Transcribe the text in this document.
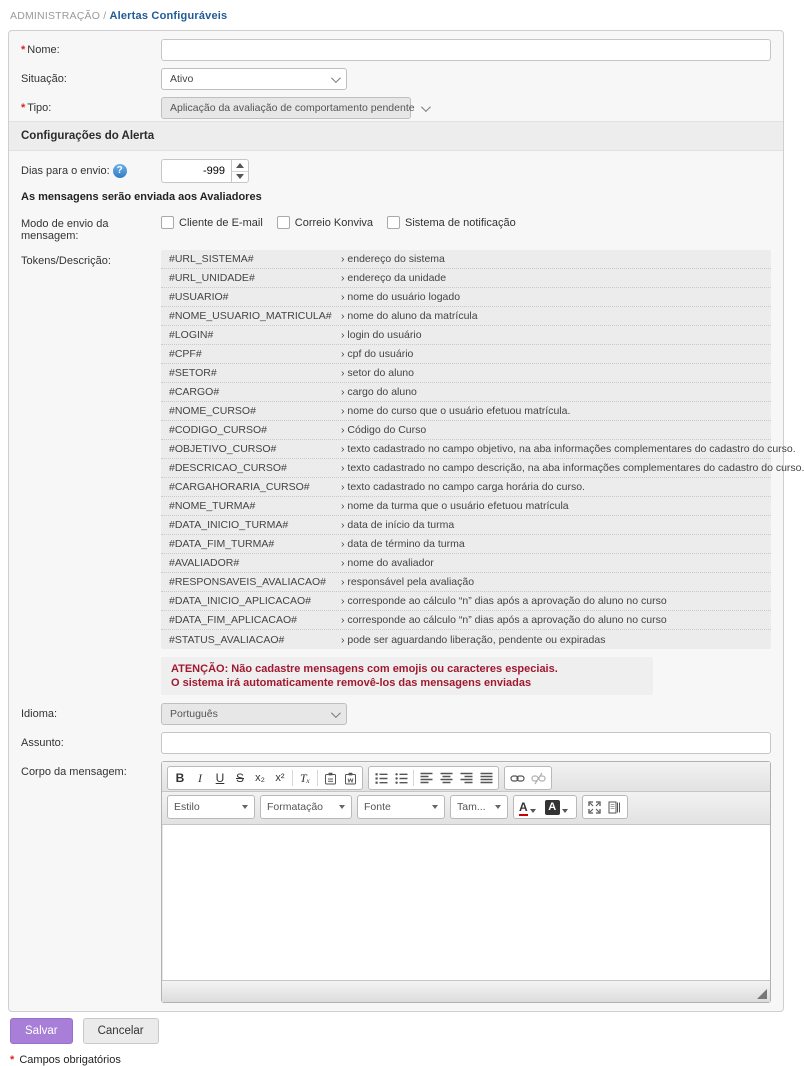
ADMINISTRAÇÃO / Alertas Configuráveis
* Nome:
Situação:	Ativo
* Tipo:	Aplicação da avaliação de comportamento pendente
Configurações do Alerta
Dias para o envio: ?
-999
As mensagens serão enviada aos Avaliadores
Modo de envio da mensagem:
Cliente de E-mail	Correio Konviva	Sistema de notificação
Tokens/Descrição:	#URL_SISTEMA#	› endereço do sistema
#URL_UNIDADE#	› endereço da unidade
#USUARIO#	› nome do usuário logado
#NOME_USUARIO_MATRICULA# › nome do aluno da matrícula
#LOGIN#	› login do usuário
#CPF#	› cpf do usuário
#SETOR#	› setor do aluno
#CARGO#	› cargo do aluno
#NOME_CURSO#	› nome do curso que o usuário efetuou matrícula.
#CODIGO_CURSO#	› Código do Curso
#OBJETIVO_CURSO#	› texto cadastrado no campo objetivo, na aba informações complementares do cadastro do curso.
#DESCRICAO_CURSO#	› texto cadastrado no campo descrição, na aba informações complementares do cadastro do curso.
#CARGAHORARIA_CURSO#	› texto cadastrado no campo carga horária do curso.
#NOME_TURMA#	› nome da turma que o usuário efetuou matrícula
#DATA_INICIO_TURMA#	› data de início da turma
#DATA_FIM_TURMA#	› data de término da turma
#AVALIADOR#	› nome do avaliador
#RESPONSAVEIS_AVALIACAO#	› responsável pela avaliação
#DATA_INICIO_APLICACAO#	› corresponde ao cálculo “n” dias após a aprovação do aluno no curso
#DATA_FIM_APLICACAO#	› corresponde ao cálculo “n” dias após a aprovação do aluno no curso
#STATUS_AVALIACAO#	› pode ser aguardando liberação, pendente ou expiradas
ATENÇÃO: Não cadastre mensagens com emojis ou caracteres especiais.
O sistema irá automaticamente removê-los das mensagens enviadas
Idioma:	Português
Assunto:
Corpo da mensagem:	B	I	U S	x₂ x²	Tₓ
Estilo	Formatação	Fonte	Tam...	A	A
Salvar	Cancelar
* Campos obrigatórios
